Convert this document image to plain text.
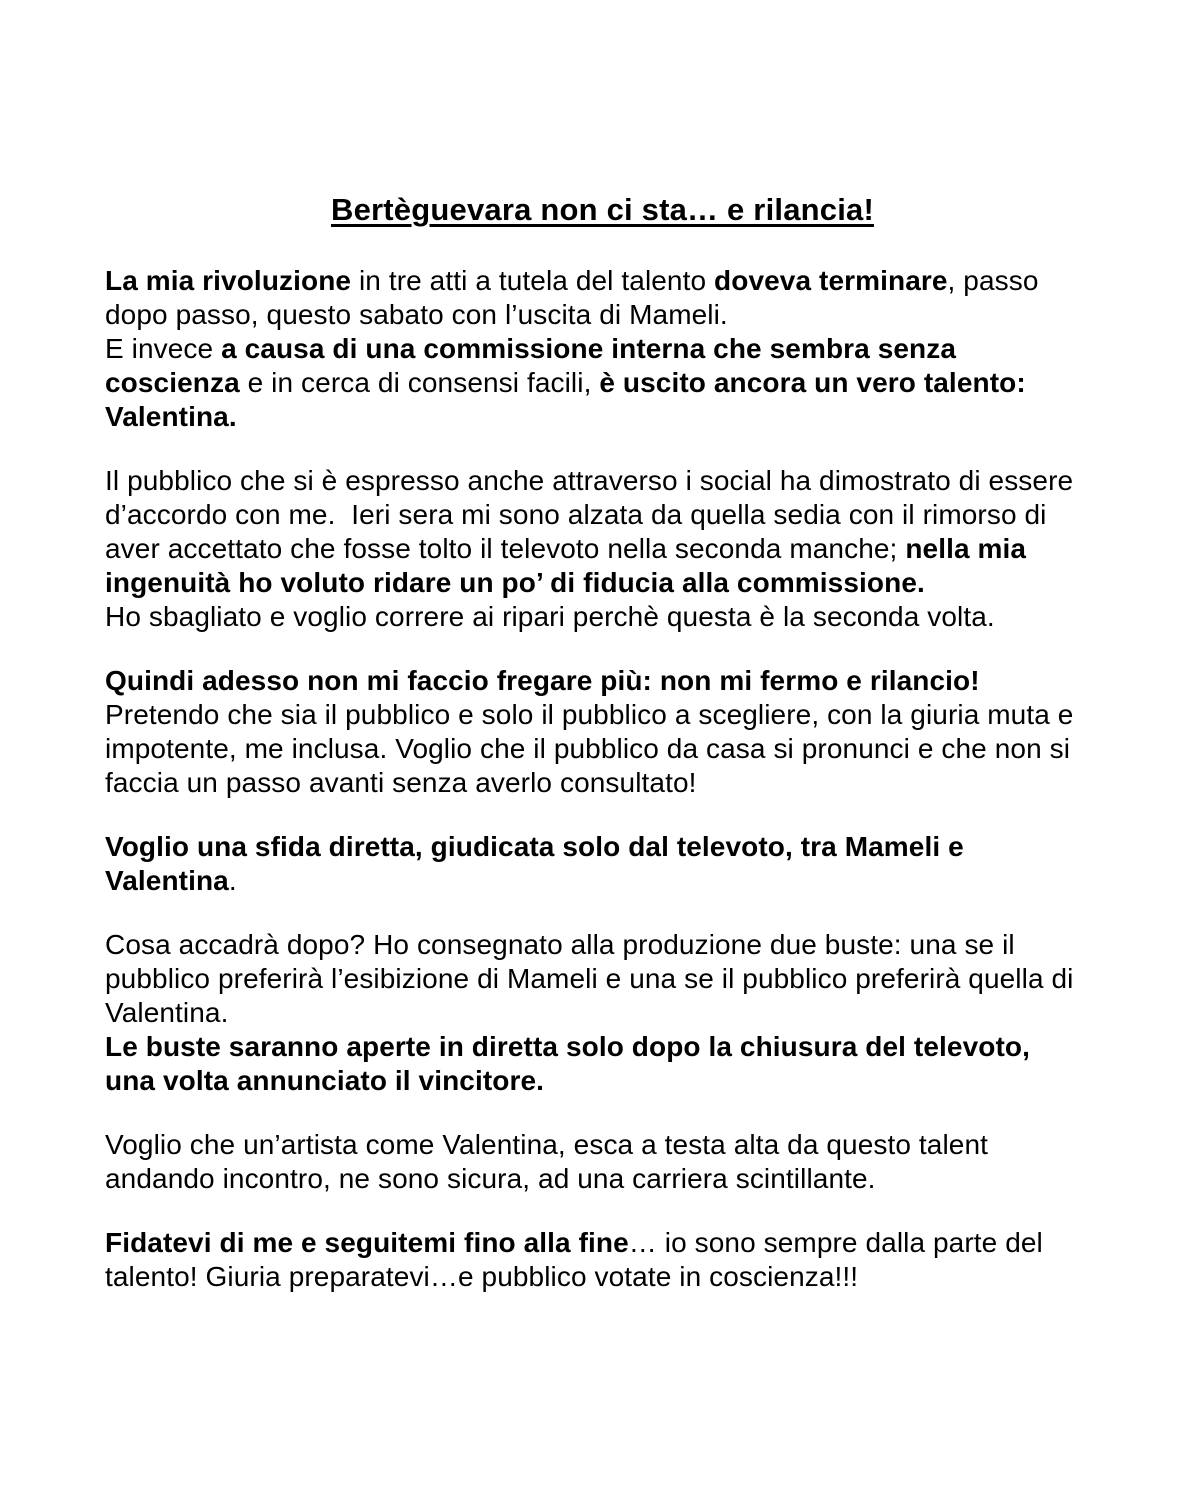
Bertèguevara non ci sta… e rilancia!
La mia rivoluzione in tre atti a tutela del talento doveva terminare, passo
dopo passo, questo sabato con l’uscita di Mameli.
E invece a causa di una commissione interna che sembra senza
coscienza e in cerca di consensi facili, è uscito ancora un vero talento:
Valentina.
Il pubblico che si è espresso anche attraverso i social ha dimostrato di essere
d’accordo con me.  Ieri sera mi sono alzata da quella sedia con il rimorso di
aver accettato che fosse tolto il televoto nella seconda manche; nella mia
ingenuità ho voluto ridare un po’ di fiducia alla commissione.
Ho sbagliato e voglio correre ai ripari perchè questa è la seconda volta.
Quindi adesso non mi faccio fregare più: non mi fermo e rilancio!
Pretendo che sia il pubblico e solo il pubblico a scegliere, con la giuria muta e
impotente, me inclusa. Voglio che il pubblico da casa si pronunci e che non si
faccia un passo avanti senza averlo consultato!
Voglio una sfida diretta, giudicata solo dal televoto, tra Mameli e
Valentina.
Cosa accadrà dopo? Ho consegnato alla produzione due buste: una se il
pubblico preferirà l’esibizione di Mameli e una se il pubblico preferirà quella di
Valentina.
Le buste saranno aperte in diretta solo dopo la chiusura del televoto,
una volta annunciato il vincitore.
Voglio che un’artista come Valentina, esca a testa alta da questo talent
andando incontro, ne sono sicura, ad una carriera scintillante.
Fidatevi di me e seguitemi fino alla fine… io sono sempre dalla parte del
talento! Giuria preparatevi…e pubblico votate in coscienza!!!
